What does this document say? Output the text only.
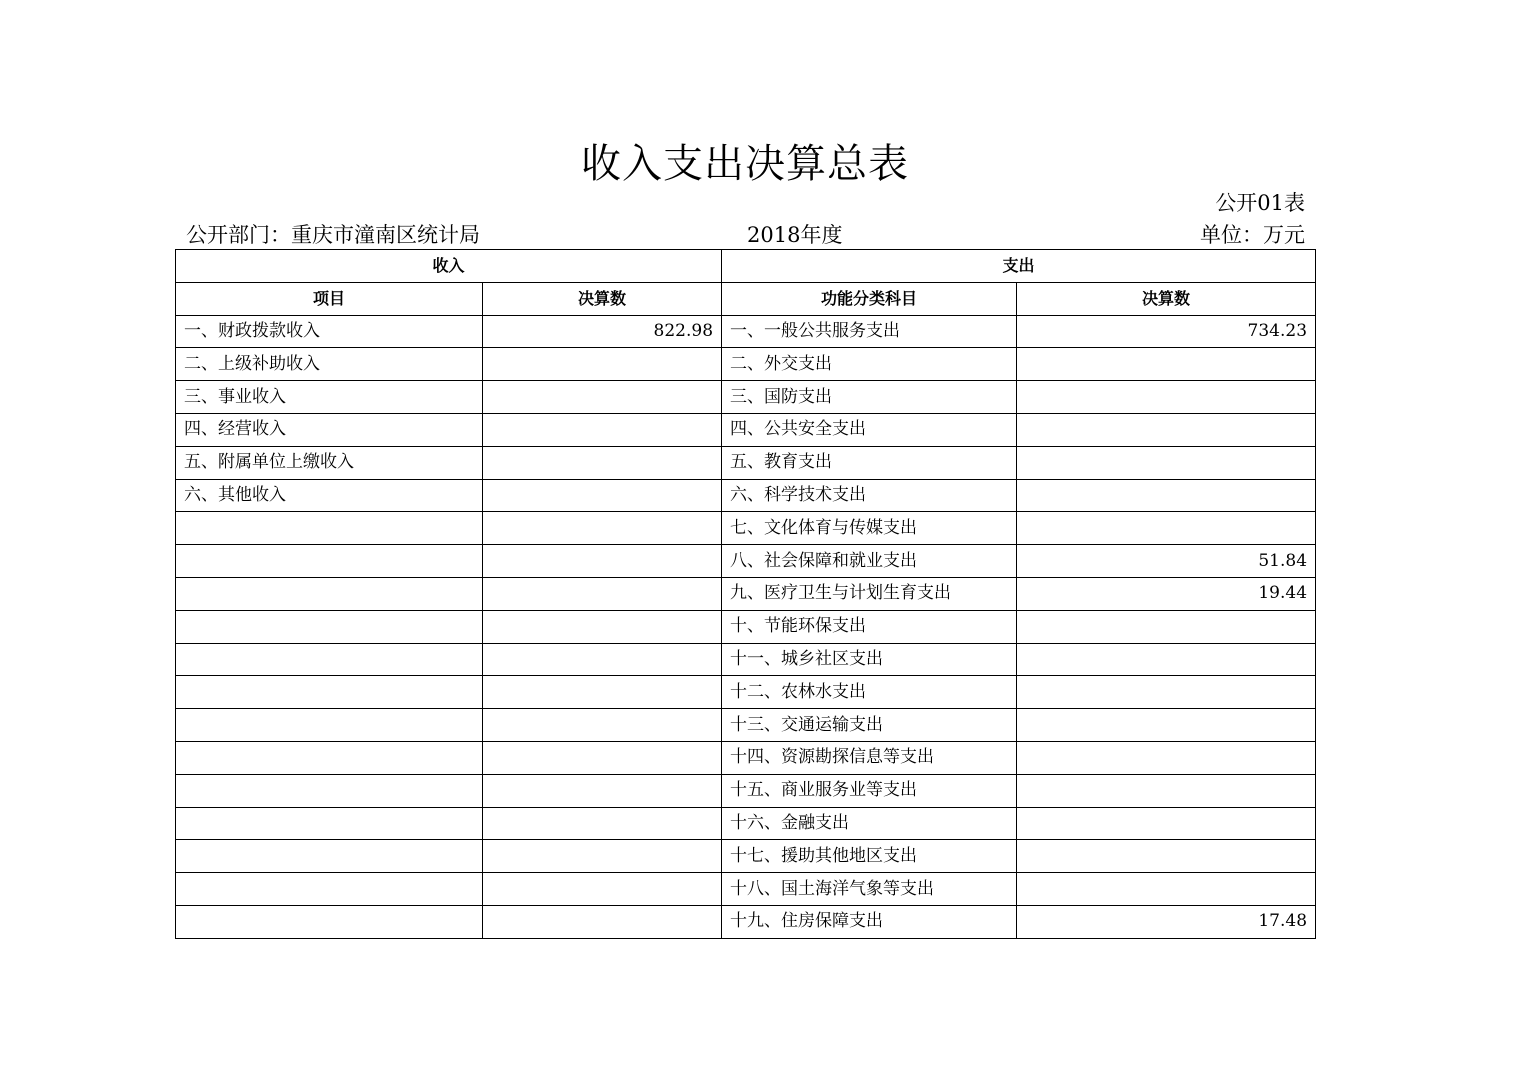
收入支出决算总表
公开01表
公开部门：重庆市潼南区统计局	2018年度	单位：万元
收入		支出	
项目	决算数	功能分类科目	决算数
一、财政拨款收入	822.98	一、一般公共服务支出	734.23
二、上级补助收入		二、外交支出	
三、事业收入		三、国防支出	
四、经营收入		四、公共安全支出	
五、附属单位上缴收入		五、教育支出	
六、其他收入		六、科学技术支出	
		七、文化体育与传媒支出	
		八、社会保障和就业支出	51.84
		九、医疗卫生与计划生育支出	19.44
		十、节能环保支出	
		十一、城乡社区支出	
		十二、农林水支出	
		十三、交通运输支出	
		十四、资源勘探信息等支出	
		十五、商业服务业等支出	
		十六、金融支出	
		十七、援助其他地区支出	
		十八、国土海洋气象等支出	
		十九、住房保障支出	17.48
